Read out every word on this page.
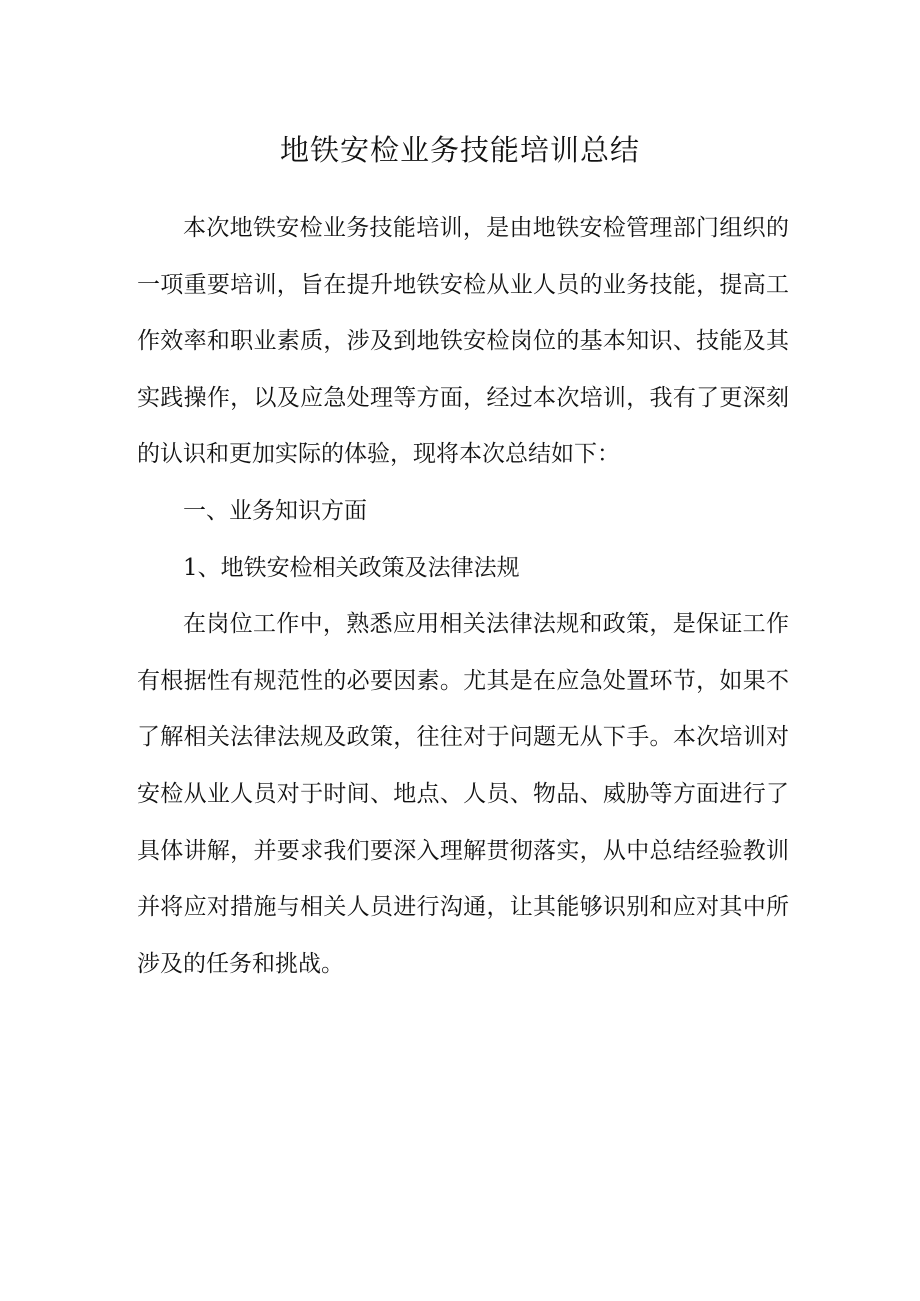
地铁安检业务技能培训总结

本次地铁安检业务技能培训，是由地铁安检管理部门组织的一项重要培训，旨在提升地铁安检从业人员的业务技能，提高工作效率和职业素质，涉及到地铁安检岗位的基本知识、技能及其实践操作，以及应急处理等方面，经过本次培训，我有了更深刻的认识和更加实际的体验，现将本次总结如下：

一、业务知识方面

1、地铁安检相关政策及法律法规

在岗位工作中，熟悉应用相关法律法规和政策，是保证工作有根据性有规范性的必要因素。尤其是在应急处置环节，如果不了解相关法律法规及政策，往往对于问题无从下手。本次培训对安检从业人员对于时间、地点、人员、物品、威胁等方面进行了具体讲解，并要求我们要深入理解贯彻落实，从中总结经验教训并将应对措施与相关人员进行沟通，让其能够识别和应对其中所涉及的任务和挑战。
